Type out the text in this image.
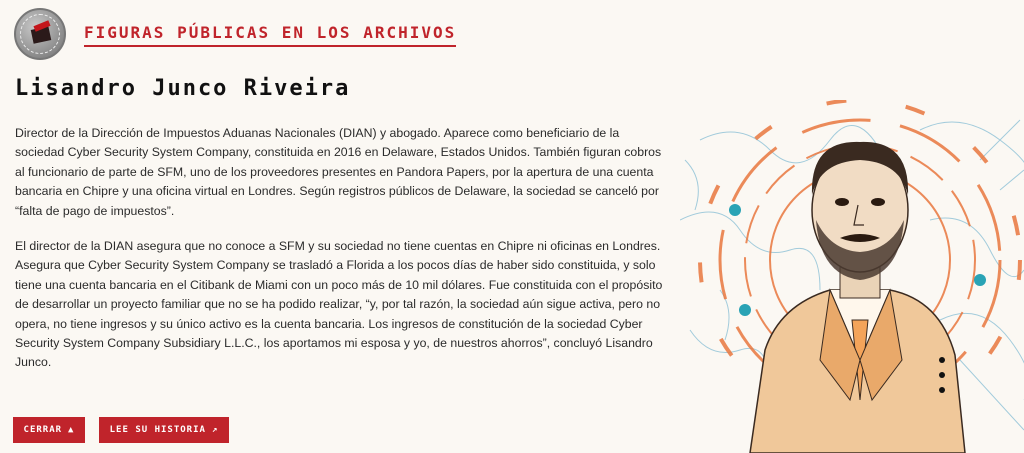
FIGURAS PÚBLICAS EN LOS ARCHIVOS
Lisandro Junco Riveira

Director de la Dirección de Impuestos Aduanas Nacionales (DIAN) y abogado. Aparece como beneficiario de la sociedad Cyber Security System Company, constituida en 2016 en Delaware, Estados Unidos. También figuran cobros al funcionario de parte de SFM, uno de los proveedores presentes en Pandora Papers, por la apertura de una cuenta bancaria en Chipre y una oficina virtual en Londres. Según registros públicos de Delaware, la sociedad se canceló por “falta de pago de impuestos”.

El director de la DIAN asegura que no conoce a SFM y su sociedad no tiene cuentas en Chipre ni oficinas en Londres. Asegura que Cyber Security System Company se trasladó a Florida a los pocos días de haber sido constituida, y solo tiene una cuenta bancaria en el Citibank de Miami con un poco más de 10 mil dólares. Fue constituida con el propósito de desarrollar un proyecto familiar que no se ha podido realizar, “y, por tal razón, la sociedad aún sigue activa, pero no opera, no tiene ingresos y su único activo es la cuenta bancaria. Los ingresos de constitución de la sociedad Cyber Security System Company Subsidiary L.L.C., los aportamos mi esposa y yo, de nuestros ahorros”, concluyó Lisandro Junco.

CERRAR ▲	LEE SU HISTORIA ↗
